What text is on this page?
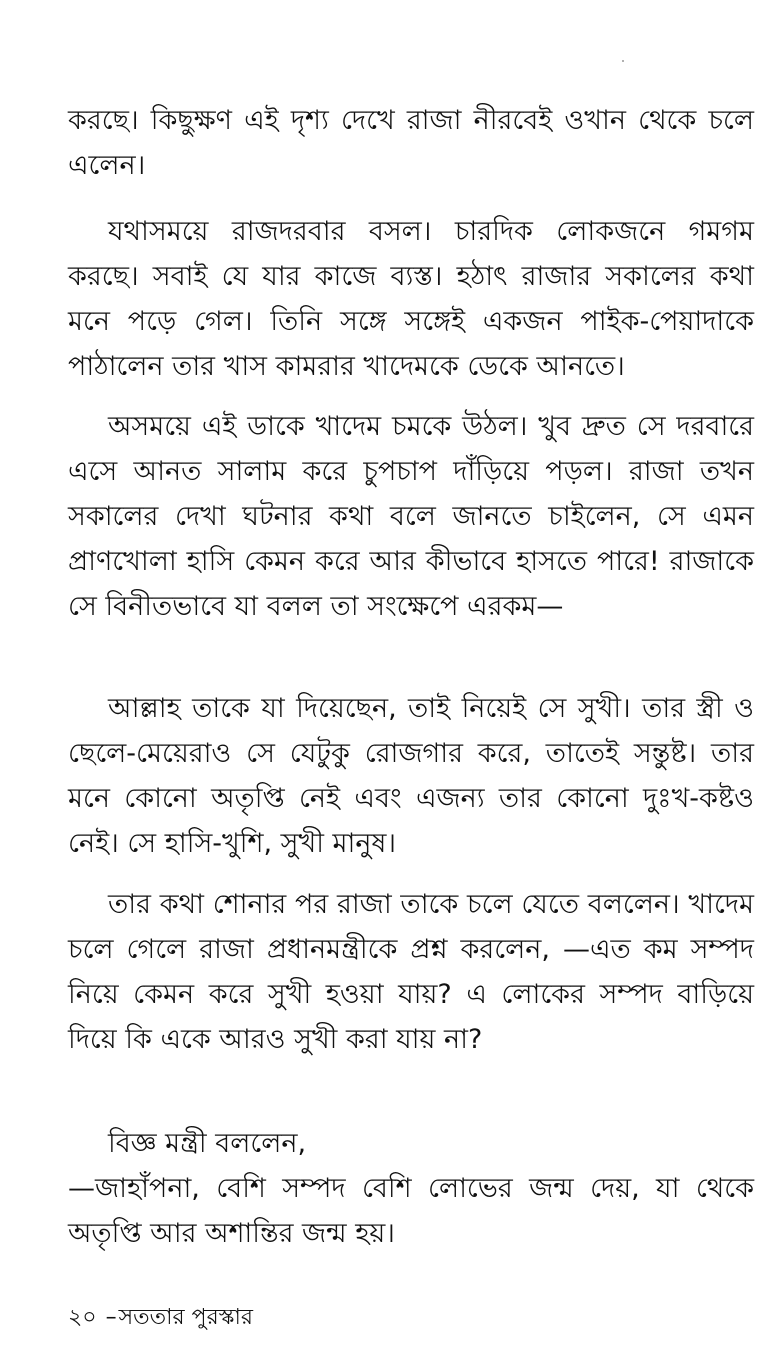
করছে। কিছুক্ষণ এই দৃশ্য দেখে রাজা নীরবেই ওখান থেকে চলে এলেন।

যথাসময়ে রাজদরবার বসল। চারদিক লোকজনে গমগম করছে। সবাই যে যার কাজে ব্যস্ত। হঠাৎ রাজার সকালের কথা মনে পড়ে গেল। তিনি সঙ্গে সঙ্গেই একজন পাইক-পেয়াদাকে পাঠালেন তার খাস কামরার খাদেমকে ডেকে আনতে।

অসময়ে এই ডাকে খাদেম চমকে উঠল। খুব দ্রুত সে দরবারে এসে আনত সালাম করে চুপচাপ দাঁড়িয়ে পড়ল। রাজা তখন সকালের দেখা ঘটনার কথা বলে জানতে চাইলেন, সে এমন প্রাণখোলা হাসি কেমন করে আর কীভাবে হাসতে পারে! রাজাকে সে বিনীতভাবে যা বলল তা সংক্ষেপে এরকম—

আল্লাহ তাকে যা দিয়েছেন, তাই নিয়েই সে সুখী। তার স্ত্রী ও ছেলে-মেয়েরাও সে যেটুকু রোজগার করে, তাতেই সন্তুষ্ট। তার মনে কোনো অতৃপ্তি নেই এবং এজন্য তার কোনো দুঃখ-কষ্টও নেই। সে হাসি-খুশি, সুখী মানুষ।

তার কথা শোনার পর রাজা তাকে চলে যেতে বললেন। খাদেম চলে গেলে রাজা প্রধানমন্ত্রীকে প্রশ্ন করলেন, —এত কম সম্পদ নিয়ে কেমন করে সুখী হওয়া যায়? এ লোকের সম্পদ বাড়িয়ে দিয়ে কি একে আরও সুখী করা যায় না?

বিজ্ঞ মন্ত্রী বললেন,
—জাহাঁপনা, বেশি সম্পদ বেশি লোভের জন্ম দেয়, যা থেকে অতৃপ্তি আর অশান্তির জন্ম হয়।

২০ –সততার পুরস্কার
